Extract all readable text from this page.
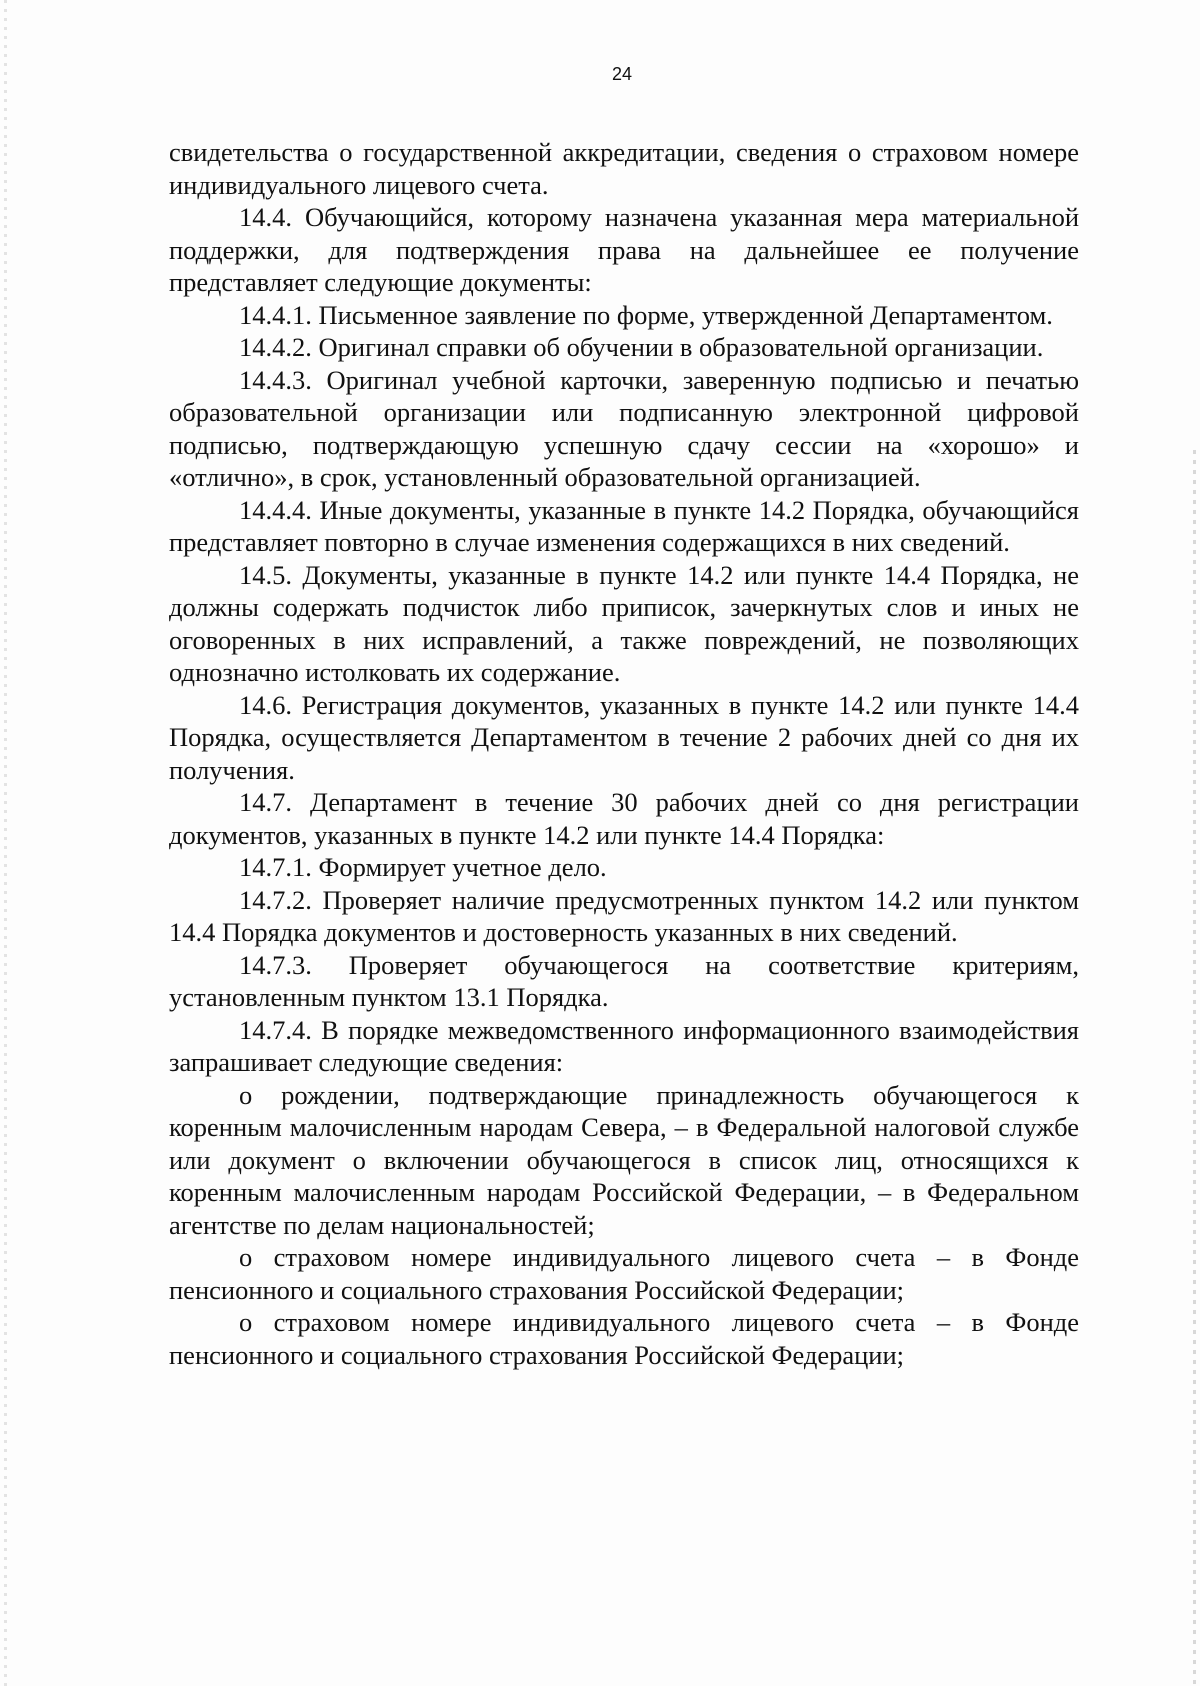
24

свидетельства о государственной аккредитации, сведения о страховом номере индивидуального лицевого счета.

14.4. Обучающийся, которому назначена указанная мера материальной поддержки, для подтверждения права на дальнейшее ее получение представляет следующие документы:

14.4.1. Письменное заявление по форме, утвержденной Департаментом.

14.4.2. Оригинал справки об обучении в образовательной организации.

14.4.3. Оригинал учебной карточки, заверенную подписью и печатью образовательной организации или подписанную электронной цифровой подписью, подтверждающую успешную сдачу сессии на «хорошо» и «отлично», в срок, установленный образовательной организацией.

14.4.4. Иные документы, указанные в пункте 14.2 Порядка, обучающийся представляет повторно в случае изменения содержащихся в них сведений.

14.5. Документы, указанные в пункте 14.2 или пункте 14.4 Порядка, не должны содержать подчисток либо приписок, зачеркнутых слов и иных не оговоренных в них исправлений, а также повреждений, не позволяющих однозначно истолковать их содержание.

14.6. Регистрация документов, указанных в пункте 14.2 или пункте 14.4 Порядка, осуществляется Департаментом в течение 2 рабочих дней со дня их получения.

14.7. Департамент в течение 30 рабочих дней со дня регистрации документов, указанных в пункте 14.2 или пункте 14.4 Порядка:

14.7.1. Формирует учетное дело.

14.7.2. Проверяет наличие предусмотренных пунктом 14.2 или пунктом 14.4 Порядка документов и достоверность указанных в них сведений.

14.7.3. Проверяет обучающегося на соответствие критериям, установленным пунктом 13.1 Порядка.

14.7.4. В порядке межведомственного информационного взаимодействия запрашивает следующие сведения:

о рождении, подтверждающие принадлежность обучающегося к коренным малочисленным народам Севера, – в Федеральной налоговой службе или документ о включении обучающегося в список лиц, относящихся к коренным малочисленным народам Российской Федерации, – в Федеральном агентстве по делам национальностей;

о страховом номере индивидуального лицевого счета – в Фонде пенсионного и социального страхования Российской Федерации;

о страховом номере индивидуального лицевого счета – в Фонде пенсионного и социального страхования Российской Федерации;
